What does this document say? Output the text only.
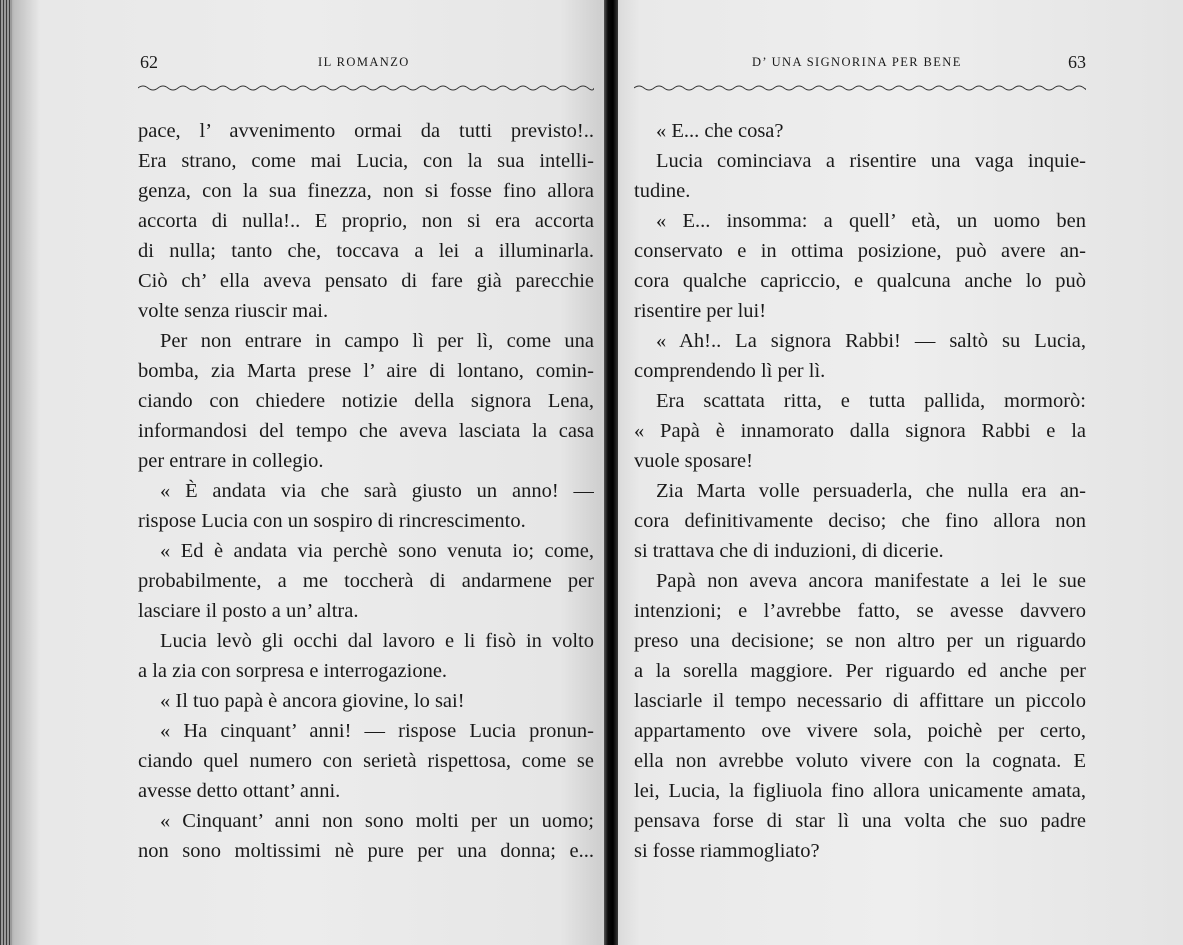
62	IL ROMANZO
pace, l’ avvenimento ormai da tutti previsto!..
Era strano, come mai Lucia, con la sua intelli-
genza, con la sua finezza, non si fosse fino allora
accorta di nulla!.. E proprio, non si era accorta
di nulla; tanto che, toccava a lei a illuminarla.
Ciò ch’ ella aveva pensato di fare già parecchie
volte senza riuscir mai.
Per non entrare in campo lì per lì, come una
bomba, zia Marta prese l’ aire di lontano, comin-
ciando con chiedere notizie della signora Lena,
informandosi del tempo che aveva lasciata la casa
per entrare in collegio.
« È andata via che sarà giusto un anno! —
rispose Lucia con un sospiro di rincrescimento.
« Ed è andata via perchè sono venuta io; come,
probabilmente, a me toccherà di andarmene per
lasciare il posto a un’ altra.
Lucia levò gli occhi dal lavoro e li fisò in volto
a la zia con sorpresa e interrogazione.
« Il tuo papà è ancora giovine, lo sai!
« Ha cinquant’ anni! — rispose Lucia pronun-
ciando quel numero con serietà rispettosa, come se
avesse detto ottant’ anni.
« Cinquant’ anni non sono molti per un uomo;
non sono moltissimi nè pure per una donna; e...
D’ UNA SIGNORINA PER BENE	63
« E... che cosa?
Lucia cominciava a risentire una vaga inquie-
tudine.
« E... insomma: a quell’ età, un uomo ben
conservato e in ottima posizione, può avere an-
cora qualche capriccio, e qualcuna anche lo può
risentire per lui!
« Ah!.. La signora Rabbi! — saltò su Lucia,
comprendendo lì per lì.
Era scattata ritta, e tutta pallida, mormorò:
« Papà è innamorato dalla signora Rabbi e la
vuole sposare!
Zia Marta volle persuaderla, che nulla era an-
cora definitivamente deciso; che fino allora non
si trattava che di induzioni, di dicerie.
Papà non aveva ancora manifestate a lei le sue
intenzioni; e l’avrebbe fatto, se avesse davvero
preso una decisione; se non altro per un riguardo
a la sorella maggiore. Per riguardo ed anche per
lasciarle il tempo necessario di affittare un piccolo
appartamento ove vivere sola, poichè per certo,
ella non avrebbe voluto vivere con la cognata. E
lei, Lucia, la figliuola fino allora unicamente amata,
pensava forse di star lì una volta che suo padre
si fosse riammogliato?
